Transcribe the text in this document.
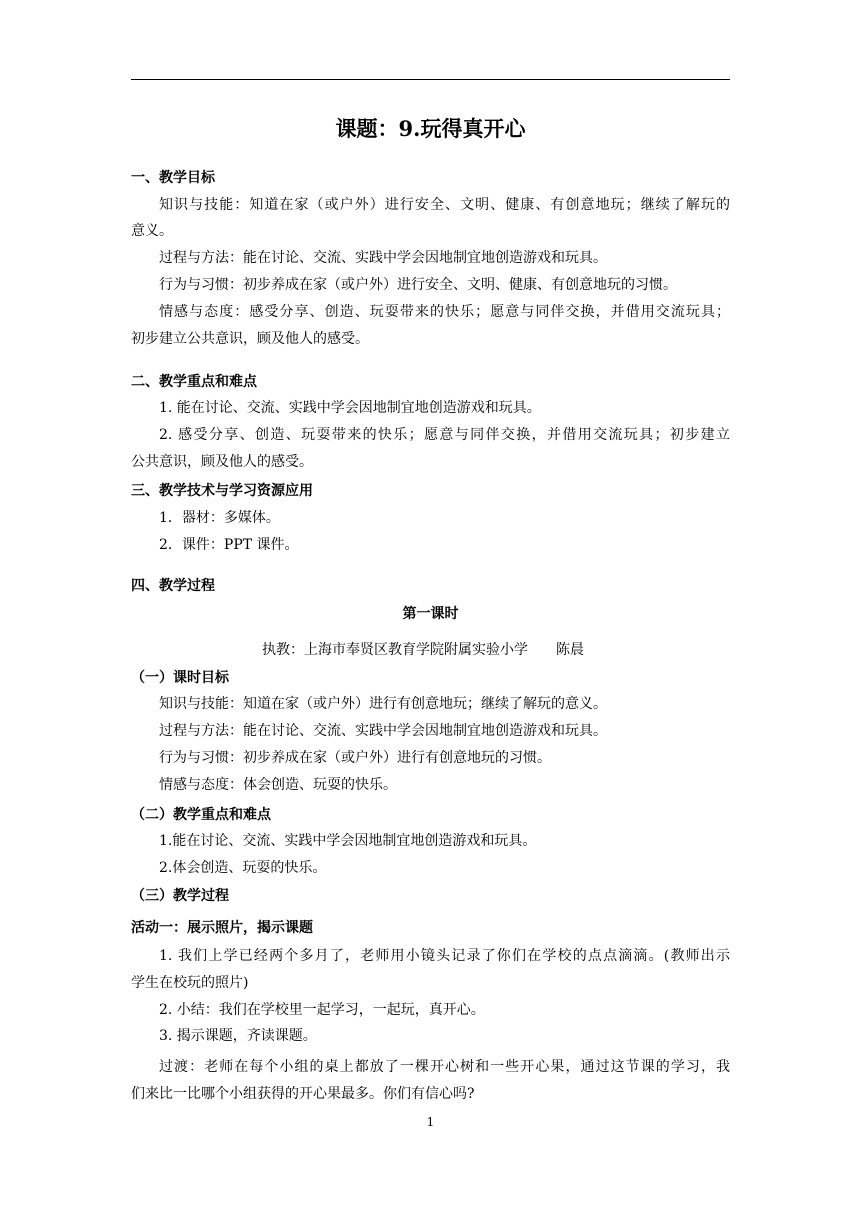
课题：9.玩得真开心
一、教学目标
知识与技能：知道在家（或户外）进行安全、文明、健康、有创意地玩；继续了解玩的
意义。
过程与方法：能在讨论、交流、实践中学会因地制宜地创造游戏和玩具。
行为与习惯：初步养成在家（或户外）进行安全、文明、健康、有创意地玩的习惯。
情感与态度：感受分享、创造、玩耍带来的快乐；愿意与同伴交换，并借用交流玩具；
初步建立公共意识，顾及他人的感受。
二、教学重点和难点
1. 能在讨论、交流、实践中学会因地制宜地创造游戏和玩具。
2. 感受分享、创造、玩耍带来的快乐；愿意与同伴交换，并借用交流玩具；初步建立
公共意识，顾及他人的感受。
三、教学技术与学习资源应用
1．器材：多媒体。
2．课件：PPT 课件。
四、教学过程
第一课时
执教：上海市奉贤区教育学院附属实验小学　　陈晨
（一）课时目标
知识与技能：知道在家（或户外）进行有创意地玩；继续了解玩的意义。
过程与方法：能在讨论、交流、实践中学会因地制宜地创造游戏和玩具。
行为与习惯：初步养成在家（或户外）进行有创意地玩的习惯。
情感与态度：体会创造、玩耍的快乐。
（二）教学重点和难点
1.能在讨论、交流、实践中学会因地制宜地创造游戏和玩具。
2.体会创造、玩耍的快乐。
（三）教学过程
活动一：展示照片，揭示课题
1. 我们上学已经两个多月了，老师用小镜头记录了你们在学校的点点滴滴。(教师出示
学生在校玩的照片)
2. 小结：我们在学校里一起学习，一起玩，真开心。
3. 揭示课题，齐读课题。
过渡：老师在每个小组的桌上都放了一棵开心树和一些开心果，通过这节课的学习，我
们来比一比哪个小组获得的开心果最多。你们有信心吗?
1
